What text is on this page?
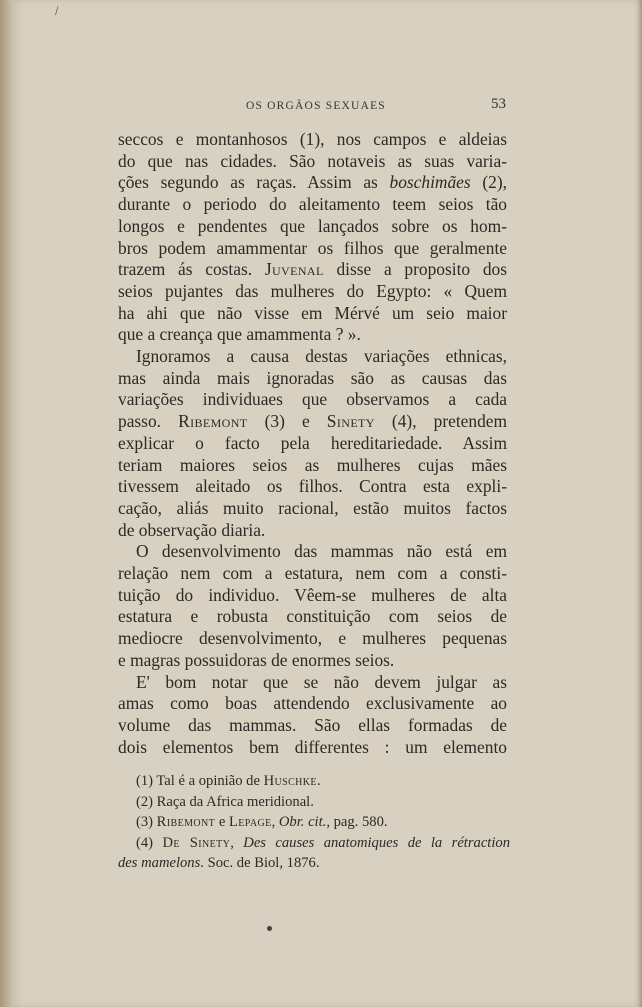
/
OS ORGÃOS SEXUAES	53

seccos e montanhosos (1), nos campos e aldeias
do que nas cidades. São notaveis as suas varia-
ções segundo as raças. Assim as boschimães (2),
durante o periodo do aleitamento teem seios tão
longos e pendentes que lançados sobre os hom-
bros podem amammentar os filhos que geralmente
trazem ás costas. Juvenal disse a proposito dos
seios pujantes das mulheres do Egypto: « Quem
ha ahi que não visse em Mérvé um seio maior
que a creança que amammenta ? ».

Ignoramos a causa destas variações ethnicas,
mas ainda mais ignoradas são as causas das
variações individuaes que observamos a cada
passo. Ribemont (3) e Sinety (4), pretendem
explicar o facto pela hereditariedade. Assim
teriam maiores seios as mulheres cujas mães
tivessem aleitado os filhos. Contra esta expli-
cação, aliás muito racional, estão muitos factos
de observação diaria.

O desenvolvimento das mammas não está em
relação nem com a estatura, nem com a consti-
tuição do individuo. Vêem-se mulheres de alta
estatura e robusta constituição com seios de
mediocre desenvolvimento, e mulheres pequenas
e magras possuidoras de enormes seios.

E' bom notar que se não devem julgar as
amas como boas attendendo exclusivamente ao
volume das mammas. São ellas formadas de
dois elementos bem differentes : um elemento

(1) Tal é a opinião de Huschke.
(2) Raça da Africa meridional.
(3) Ribemont e Lepage, Obr. cit., pag. 580.
(4) De Sinety, Des causes anatomiques de la rétraction
des mamelons. Soc. de Biol, 1876.
